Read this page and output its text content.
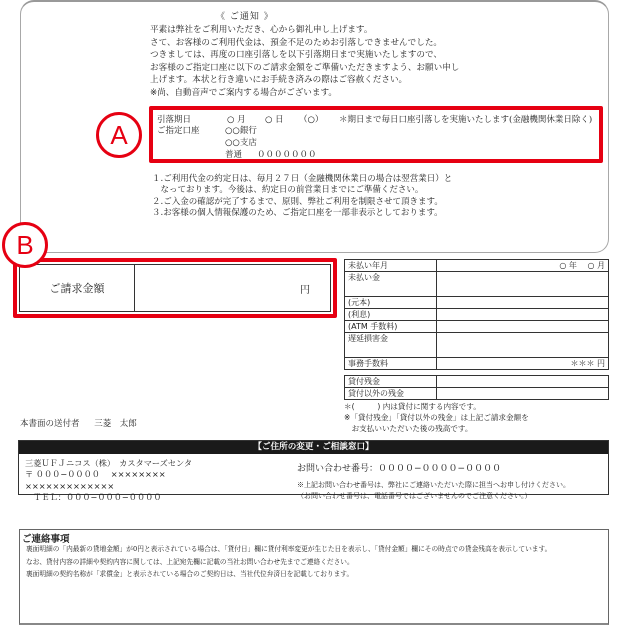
《 ご通知 》
平素は弊社をご利用いただき、心から御礼申し上げます。
さて、お客様のご利用代金は、預金不足のためお引落しできませんでした。
つきましては、再度の口座引落しを以下引落期日まで実施いたしますので、
お客様のご指定口座に以下のご請求金額をご準備いただきますよう、お願い申し
上げます。本状と行き違いにお手続き済みの際はご容赦ください。
※尚、自動音声でご案内する場合がございます。
引落期日	○ 月 ○ 日 （○） ＊期日まで毎日口座引落しを実施いたします(金融機関休業日除く)
ご指定口座	○○銀行
○○支店
普通 ０００００００
A
１.ご利用代金の約定日は、毎月２７日（金融機関休業日の場合は翌営業日）と
　なっております。今後は、約定日の前営業日までにご準備ください。
２.ご入金の確認が完了するまで、原則、弊社ご利用を制限させて頂きます。
３.お客様の個人情報保護のため、ご指定口座を一部非表示としております。
ご請求金額	円
B
未払い年月	○ 年　 ○ 月
未払い金	
(元本)	
(利息)	
(ATM 手数料)	
遅延損害金	
事務手数料	＊＊＊ 円
貸付残金	
貸付以外の残金	
＊(　　　) 内は貸付に関する内容です。
※「貸付残金」「貸付以外の残金」は上記ご請求金額を
　お支払いいただいた後の残高です。
本書面の送付者 三菱　太郎
【ご住所の変更・ご相談窓口】
三菱ＵＦＪニコス（株）　カスタマーズセンタ
〒 ０００−００００　 ××××××××
×××××××××××××
　ＴＥＬ：０００−０００−００００
お問い合わせ番号：００００−００００−００００
※上記お問い合わせ番号は、弊社にご連絡いただいた際に担当へお申し付けください。
（お問い合わせ番号は、電話番号ではございませんのでご注意ください。）
ご連絡事項
裏面明細の「内最新の貸増金額」が0円と表示されている場合は、「貸付日」欄に貸付利率変更が生じた日を表示し、「貸付金額」欄にその時点での貸金残高を表示しています。
なお、貸付内容の詳細や契約内容に関しては、上記宛先欄に記載の当社お問い合わせ先までご連絡ください。
裏面明細の契約名称が「求償金」と表示されている場合のご契約日は、当社代位弁済日を記載しております。
